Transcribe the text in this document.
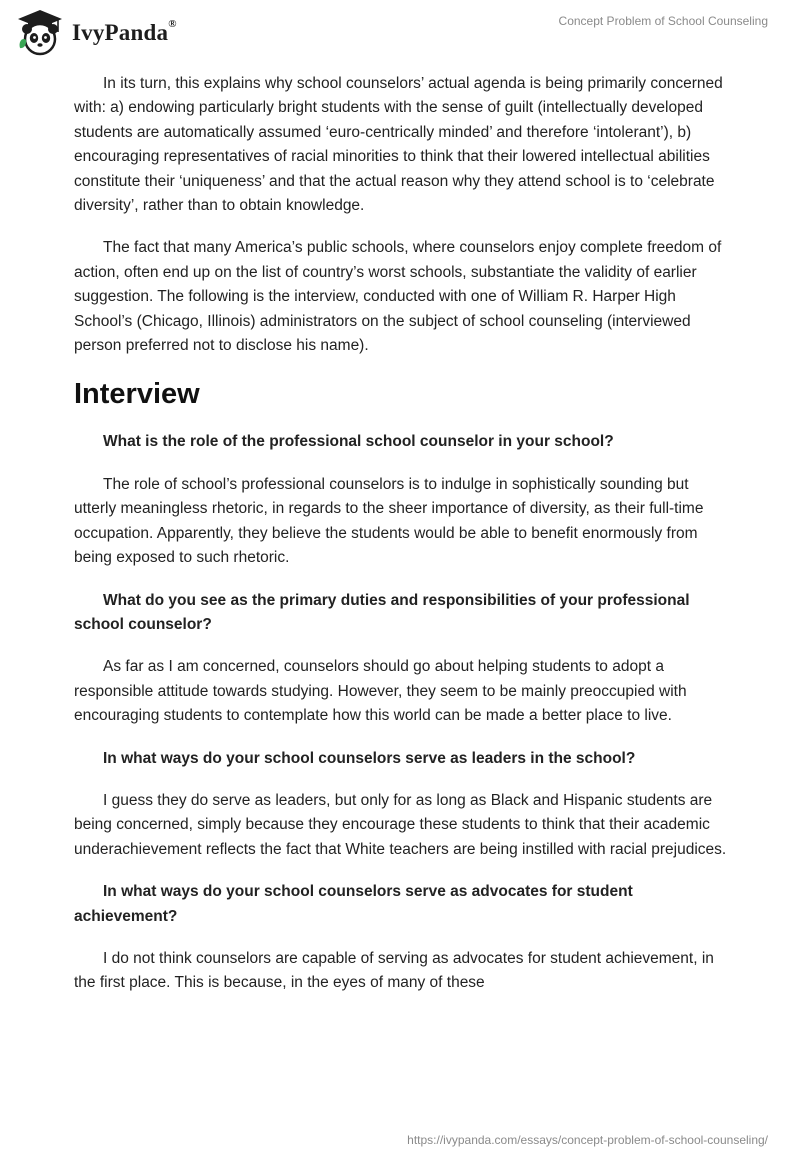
IvyPanda®	Concept Problem of School Counseling

In its turn, this explains why school counselors’ actual agenda is being primarily concerned with: a) endowing particularly bright students with the sense of guilt (intellectually developed students are automatically assumed ‘euro-centrically minded’ and therefore ‘intolerant’), b) encouraging representatives of racial minorities to think that their lowered intellectual abilities constitute their ‘uniqueness’ and that the actual reason why they attend school is to ‘celebrate diversity’, rather than to obtain knowledge.

The fact that many America’s public schools, where counselors enjoy complete freedom of action, often end up on the list of country’s worst schools, substantiate the validity of earlier suggestion. The following is the interview, conducted with one of William R. Harper High School’s (Chicago, Illinois) administrators on the subject of school counseling (interviewed person preferred not to disclose his name).

Interview

What is the role of the professional school counselor in your school?

The role of school’s professional counselors is to indulge in sophistically sounding but utterly meaningless rhetoric, in regards to the sheer importance of diversity, as their full-time occupation. Apparently, they believe the students would be able to benefit enormously from being exposed to such rhetoric.

What do you see as the primary duties and responsibilities of your professional school counselor?

As far as I am concerned, counselors should go about helping students to adopt a responsible attitude towards studying. However, they seem to be mainly preoccupied with encouraging students to contemplate how this world can be made a better place to live.

In what ways do your school counselors serve as leaders in the school?

I guess they do serve as leaders, but only for as long as Black and Hispanic students are being concerned, simply because they encourage these students to think that their academic underachievement reflects the fact that White teachers are being instilled with racial prejudices.

In what ways do your school counselors serve as advocates for student achievement?

I do not think counselors are capable of serving as advocates for student achievement, in the first place. This is because, in the eyes of many of these

https://ivypanda.com/essays/concept-problem-of-school-counseling/
